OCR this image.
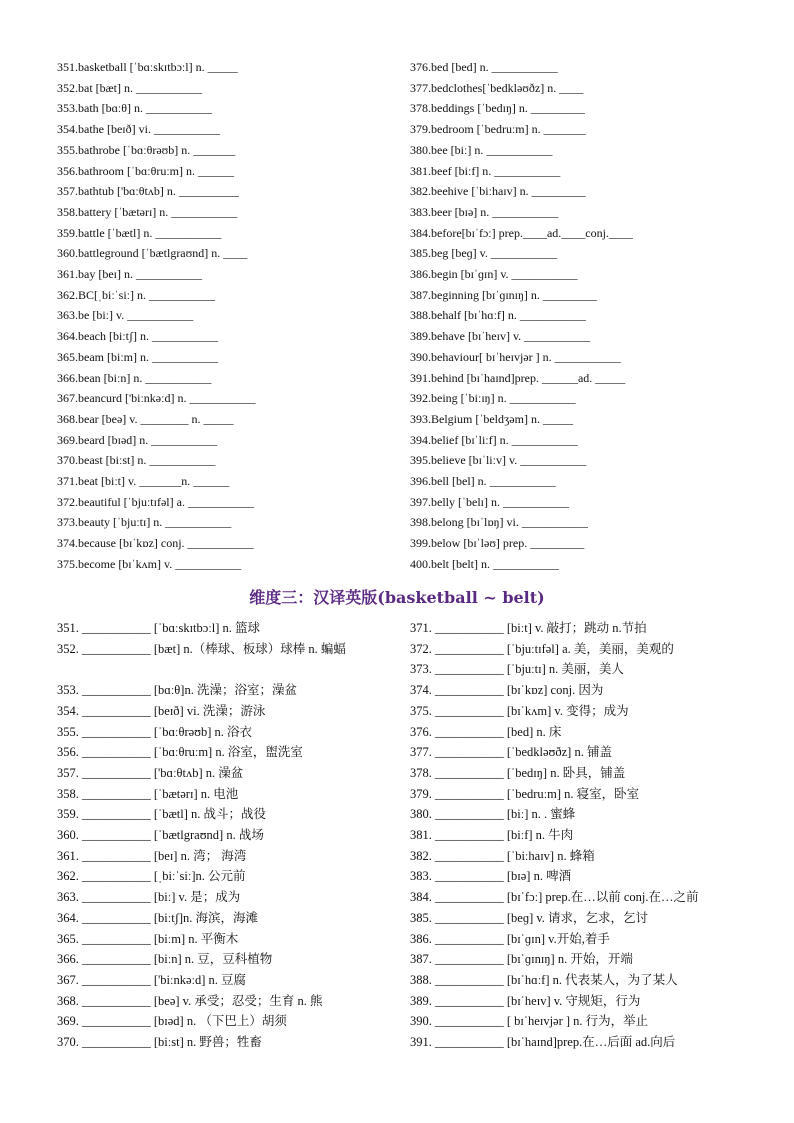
351.basketball [ˈbɑːskɪtbɔːl] n. _____
352.bat [bæt] n. ___________
353.bath [bɑːθ] n. ___________
354.bathe [beɪð] vi. ___________
355.bathrobe [ˈbɑːθrəʊb] n. _______
356.bathroom [ˈbɑːθruːm] n. ______
357.bathtub ['bɑːθtʌb] n. __________
358.battery [ˈbætərɪ] n. ___________
359.battle [ˈbætl] n. ___________
360.battleground [ˈbætlgraʊnd] n. ____
361.bay [beɪ] n. ___________
362.BC[ˌbiːˈsiː] n. ___________
363.be [biː] v. ___________
364.beach [biːtʃ] n. ___________
365.beam [biːm] n. ___________
366.bean [biːn] n. ___________
367.beancurd ['biːnkəːd] n. ___________
368.bear [beə] v. ________ n. _____
369.beard [bɪəd] n. ___________
370.beast [biːst] n. ___________
371.beat [biːt] v. _______n. ______
372.beautiful [ˈbjuːtɪfəl] a. ___________
373.beauty [ˈbjuːtɪ] n. ___________
374.because [bɪˈkɒz] conj. ___________
375.become [bɪˈkʌm] v. ___________
376.bed [bed] n. ___________
377.bedclothes[ˈbedkləʊðz] n. ____
378.beddings [ˈbedɪŋ] n. _________
379.bedroom [ˈbedruːm] n. _______
380.bee [biː] n. ___________
381.beef [biːf] n. ___________
382.beehive [ˈbiːhaɪv] n. _________
383.beer [bɪə] n. ___________
384.before[bɪˈfɔː] prep.____ad.____conj.____
385.beg [beɡ] v. ___________
386.begin [bɪˈɡɪn] v. ___________
387.beginning [bɪˈɡɪnɪŋ] n. _________
388.behalf [bɪˈhɑːf] n. ___________
389.behave [bɪˈheɪv] v. ___________
390.behaviour[ bɪˈheɪvjər ] n. ___________
391.behind [bɪˈhaɪnd]prep. ______ad. _____
392.being [ˈbiːɪŋ] n. ___________
393.Belgium [ˈbeldʒəm] n. _____
394.belief [bɪˈliːf] n. ___________
395.believe [bɪˈliːv] v. ___________
396.bell [bel] n. ___________
397.belly [ˈbelɪ] n. ___________
398.belong [bɪˈlɒŋ] vi. ___________
399.below [bɪˈləʊ] prep. _________
400.belt [belt] n. ___________
维度三：汉译英版(basketball ~ belt)
351. ___________ [ˈbɑːskɪtbɔːl] n. 篮球
352. ___________ [bæt] n.（棒球、板球）球棒 n. 蝙蝠
353. ___________ [bɑːθ]n. 洗澡；浴室；澡盆
354. ___________ [beɪð] vi. 洗澡；游泳
355. ___________ [ˈbɑːθrəʊb] n. 浴衣
356. ___________ [ˈbɑːθruːm] n. 浴室，盥洗室
357. ___________ ['bɑːθtʌb] n. 澡盆
358. ___________ [ˈbætərɪ] n. 电池
359. ___________ [ˈbætl] n. 战斗；战役
360. ___________ [ˈbætlgraʊnd] n. 战场
361. ___________ [beɪ] n. 湾； 海湾
362. ___________ [ˌbiːˈsiː]n. 公元前
363. ___________ [biː] v. 是；成为
364. ___________ [biːtʃ]n. 海滨，海滩
365. ___________ [biːm] n. 平衡木
366. ___________ [biːn] n. 豆，豆科植物
367. ___________ ['biːnkəːd] n. 豆腐
368. ___________ [beə] v. 承受；忍受；生育 n. 熊
369. ___________ [bɪəd] n. （下巴上）胡须
370. ___________ [biːst] n. 野兽；牲畜
371. ___________ [biːt] v. 敲打；跳动 n.节拍
372. ___________ [ˈbjuːtɪfəl] a. 美，美丽，美观的
373. ___________ [ˈbjuːtɪ] n. 美丽，美人
374. ___________ [bɪˈkɒz] conj. 因为
375. ___________ [bɪˈkʌm] v. 变得；成为
376. ___________ [bed] n. 床
377. ___________ [ˈbedkləʊðz] n. 铺盖
378. ___________ [ˈbedɪŋ] n. 卧具，铺盖
379. ___________ [ˈbedruːm] n. 寝室，卧室
380. ___________ [biː] n. . 蜜蜂
381. ___________ [biːf] n. 牛肉
382. ___________ [ˈbiːhaɪv] n. 蜂箱
383. ___________ [bɪə] n. 啤酒
384. ___________ [bɪˈfɔː] prep.在…以前 conj.在…之前
385. ___________ [beɡ] v. 请求，乞求，乞讨
386. ___________ [bɪˈɡɪn] v.开始,着手
387. ___________ [bɪˈɡɪnɪŋ] n. 开始，开端
388. ___________ [bɪˈhɑːf] n. 代表某人，为了某人
389. ___________ [bɪˈheɪv] v. 守规矩，行为
390. ___________ [ bɪˈheɪvjər ] n. 行为，举止
391. ___________ [bɪˈhaɪnd]prep.在…后面 ad.向后
